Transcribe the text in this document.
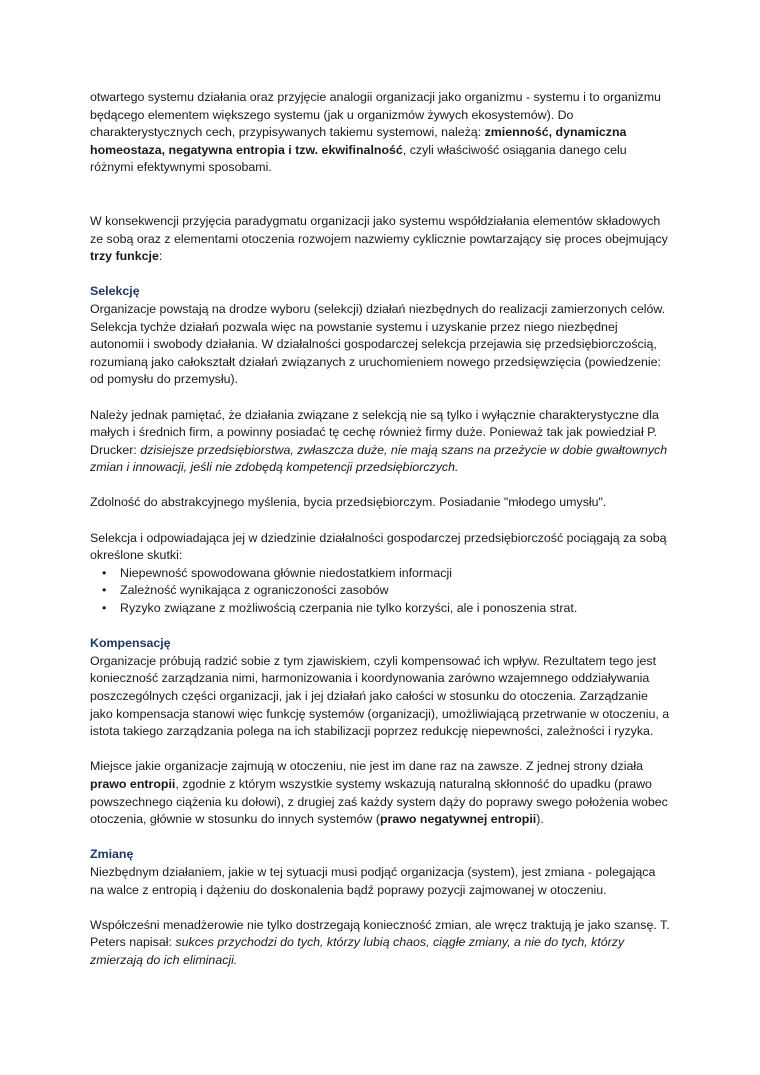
otwartego systemu działania oraz przyjęcie analogii organizacji jako organizmu - systemu i to organizmu będącego elementem większego systemu (jak u organizmów żywych ekosystemów). Do charakterystycznych cech, przypisywanych takiemu systemowi, należą: zmienność, dynamiczna homeostaza, negatywna entropia i tzw. ekwifinalność, czyli właściwość osiągania danego celu różnymi efektywnymi sposobami.

W konsekwencji przyjęcia paradygmatu organizacji jako systemu współdziałania elementów składowych ze sobą oraz z elementami otoczenia rozwojem nazwiemy cyklicznie powtarzający się proces obejmujący trzy funkcje:

Selekcję

Organizacje powstają na drodze wyboru (selekcji) działań niezbędnych do realizacji zamierzonych celów. Selekcja tychże działań pozwala więc na powstanie systemu i uzyskanie przez niego niezbędnej autonomii i swobody działania. W działalności gospodarczej selekcja przejawia się przedsiębiorczością, rozumianą jako całokształt działań związanych z uruchomieniem nowego przedsięwzięcia (powiedzenie: od pomysłu do przemysłu).

Należy jednak pamiętać, że działania związane z selekcją nie są tylko i wyłącznie charakterystyczne dla małych i średnich firm, a powinny posiadać tę cechę również firmy duże. Ponieważ tak jak powiedział P. Drucker: dzisiejsze przedsiębiorstwa, zwłaszcza duże, nie mają szans na przeżycie w dobie gwałtownych zmian i innowacji, jeśli nie zdobędą kompetencji przedsiębiorczych.

Zdolność do abstrakcyjnego myślenia, bycia przedsiębiorczym. Posiadanie "młodego umysłu".

Selekcja i odpowiadająca jej w dziedzinie działalności gospodarczej przedsiębiorczość pociągają za sobą określone skutki:

• Niepewność spowodowana głównie niedostatkiem informacji
• Zależność wynikająca z ograniczoności zasobów
• Ryzyko związane z możliwością czerpania nie tylko korzyści, ale i ponoszenia strat.

Kompensację

Organizacje próbują radzić sobie z tym zjawiskiem, czyli kompensować ich wpływ. Rezultatem tego jest konieczność zarządzania nimi, harmonizowania i koordynowania zarówno wzajemnego oddziaływania poszczególnych części organizacji, jak i jej działań jako całości w stosunku do otoczenia. Zarządzanie jako kompensacja stanowi więc funkcję systemów (organizacji), umożliwiającą przetrwanie w otoczeniu, a istota takiego zarządzania polega na ich stabilizacji poprzez redukcję niepewności, zależności i ryzyka.

Miejsce jakie organizacje zajmują w otoczeniu, nie jest im dane raz na zawsze. Z jednej strony działa prawo entropii, zgodnie z którym wszystkie systemy wskazują naturalną skłonność do upadku (prawo powszechnego ciążenia ku dołowi), z drugiej zaś każdy system dąży do poprawy swego położenia wobec otoczenia, głównie w stosunku do innych systemów (prawo negatywnej entropii).

Zmianę

Niezbędnym działaniem, jakie w tej sytuacji musi podjąć organizacja (system), jest zmiana - polegająca na walce z entropią i dążeniu do doskonalenia bądź poprawy pozycji zajmowanej w otoczeniu.

Współcześni menadżerowie nie tylko dostrzegają konieczność zmian, ale wręcz traktują je jako szansę. T. Peters napisał: sukces przychodzi do tych, którzy lubią chaos, ciągłe zmiany, a nie do tych, którzy zmierzają do ich eliminacji.
